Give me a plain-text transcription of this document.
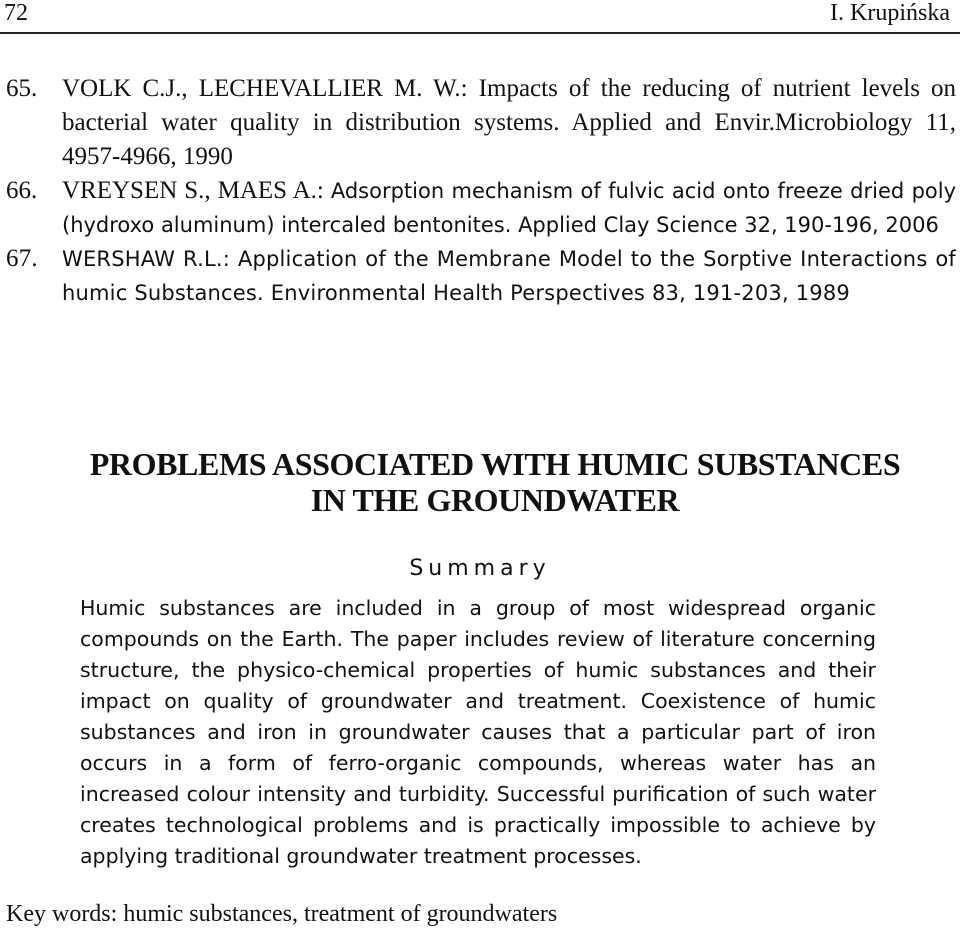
72	I. Krupińska
65. VOLK C.J., LECHEVALLIER M. W.: Impacts of the reducing of nutrient levels on bacterial water quality in distribution systems. Applied and Envir.Microbiology 11, 4957-4966, 1990
66. VREYSEN S., MAES A.: Adsorption mechanism of fulvic acid onto freeze dried poly (hydroxo aluminum) intercaled bentonites. Applied Clay Science 32, 190-196, 2006
67. WERSHAW R.L.: Application of the Membrane Model to the Sorptive Interactions of humic Substances. Environmental Health Perspectives 83, 191-203, 1989
PROBLEMS ASSOCIATED WITH HUMIC SUBSTANCES
IN THE GROUNDWATER
Summary
Humic substances are included in a group of most widespread organic compounds on the Earth. The paper includes review of literature concerning structure, the physico-chemical properties of humic substances and their impact on quality of groundwater and treatment. Coexistence of humic substances and iron in groundwater causes that a particular part of iron occurs in a form of ferro-organic compounds, whereas water has an increased colour intensity and turbidity. Successful purification of such water creates technological problems and is practically impossible to achieve by applying traditional groundwater treatment processes.
Key words: humic substances, treatment of groundwaters
